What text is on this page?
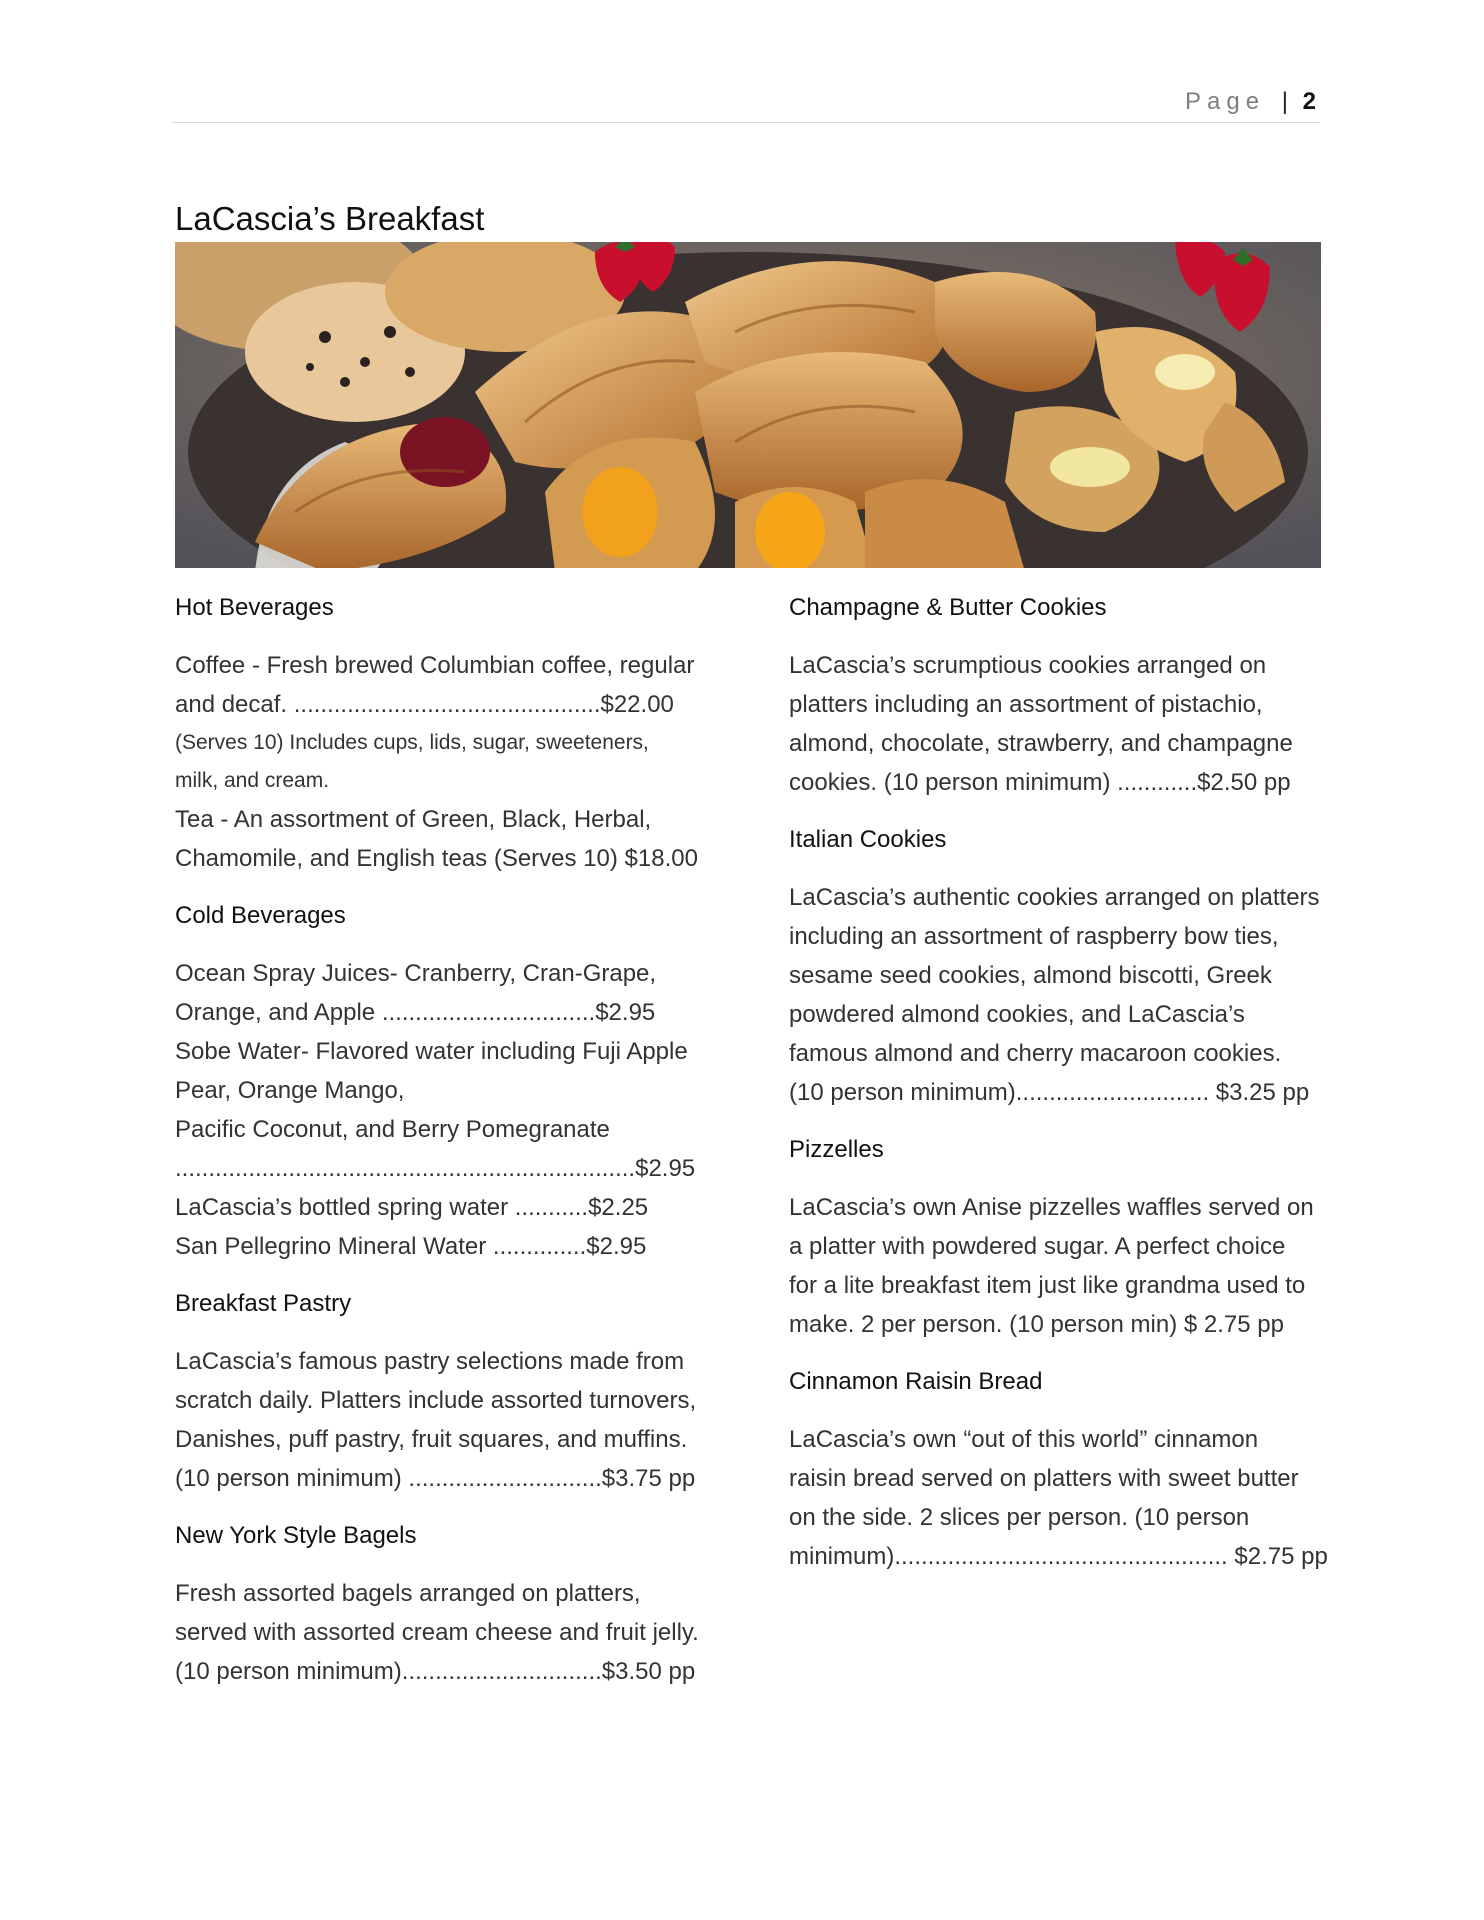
Page | 2
LaCascia’s Breakfast
Hot Beverages
Coffee - Fresh brewed Columbian coffee, regular
and decaf. ..............................................$22.00
(Serves 10) Includes cups, lids, sugar, sweeteners,
milk, and cream.
Tea - An assortment of Green, Black, Herbal,
Chamomile, and English teas (Serves 10) $18.00
Cold Beverages
Ocean Spray Juices- Cranberry, Cran-Grape,
Orange, and Apple ................................$2.95
Sobe Water- Flavored water including Fuji Apple
Pear, Orange Mango,
Pacific Coconut, and Berry Pomegranate
.....................................................................$2.95
LaCascia’s bottled spring water ...........$2.25
San Pellegrino Mineral Water ..............$2.95
Breakfast Pastry
LaCascia’s famous pastry selections made from
scratch daily. Platters include assorted turnovers,
Danishes, puff pastry, fruit squares, and muffins.
(10 person minimum) .............................$3.75 pp
New York Style Bagels
Fresh assorted bagels arranged on platters,
served with assorted cream cheese and fruit jelly.
(10 person minimum)..............................$3.50 pp
Champagne & Butter Cookies
LaCascia’s scrumptious cookies arranged on
platters including an assortment of pistachio,
almond, chocolate, strawberry, and champagne
cookies. (10 person minimum) ............$2.50 pp
Italian Cookies
LaCascia’s authentic cookies arranged on platters
including an assortment of raspberry bow ties,
sesame seed cookies, almond biscotti, Greek
powdered almond cookies, and LaCascia’s
famous almond and cherry macaroon cookies.
(10 person minimum)............................. $3.25 pp
Pizzelles
LaCascia’s own Anise pizzelles waffles served on
a platter with powdered sugar. A perfect choice
for a lite breakfast item just like grandma used to
make. 2 per person. (10 person min) $ 2.75 pp
Cinnamon Raisin Bread
LaCascia’s own “out of this world” cinnamon
raisin bread served on platters with sweet butter
on the side. 2 slices per person. (10 person
minimum).................................................. $2.75 pp
